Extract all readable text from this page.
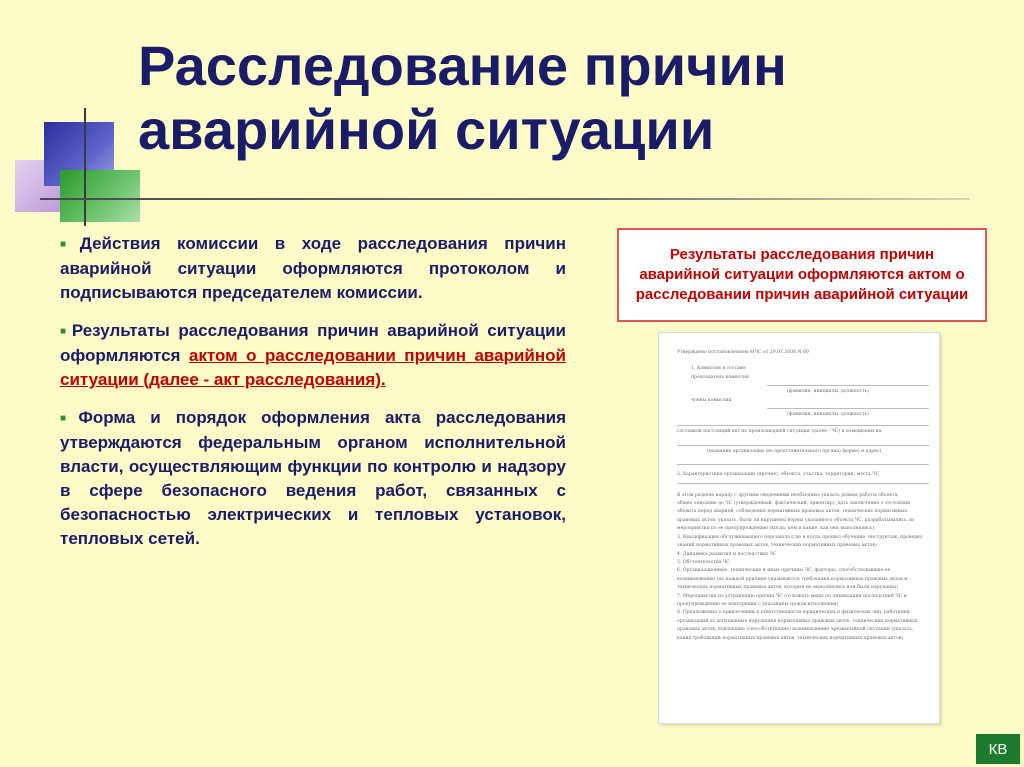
Расследование причин аварийной ситуации

■ Действия комиссии в ходе расследования причин аварийной ситуации оформляются протоколом и подписываются председателем комиссии.

■ Результаты расследования причин аварийной ситуации оформляются актом о расследовании причин аварийной ситуации (далее - акт расследования).

■ Форма и порядок оформления акта расследования утверждаются федеральным органом исполнительной власти, осуществляющим функции по контролю и надзору в сфере безопасного ведения работ, связанных с безопасностью электрических и тепловых установок, тепловых сетей.

Результаты расследования причин аварийной ситуации оформляются актом о расследовании причин аварийной ситуации
Утверждено постановлением МЧС от 29.07.2008 N 80
1. Комиссия в составе:
председатель комиссии
(фамилия, инициалы, должность)
члены комиссии
(фамилия, инициалы, должность)
составили настоящий акт по произошедшей ситуации (далее - ЧС) в помещении на
(название организации (ее представительного органа) форма) и адрес)
2. Характеристика организации (прочие), объекта, участка, территории, места ЧС
В этом разделе наряду с другими сведениями необходимо указать режим работы объекта,
общее описание до ЧС (утвержденный, фактический, ориентир), дать заключение о состоянии
объекта перед аварией, соблюдения нормативных правовых актов, технических нормативных
правовых актов; указать, были ли нарушены нормы указанного объекта ЧС, разрабатывались ли
мероприятия по ее предупреждению (когда, кем и какие, как они выполнялись).
3. Квалификация обслуживающего персонала (где и когда прошел обучение, инструктаж, проверку
знаний нормативных правовых актов, технических нормативных правовых актов)
4. Динамика развития и последствия ЧС
5. Обстоятельства ЧС
6. Организационные, технические и иные причины ЧС, факторы, способствовавшие ее
возникновению (по каждой причине указываются требования нормативных правовых актов и
технических нормативных правовых актов, которые не выполнялись или были нарушены)
7. Мероприятия по устранению причин ЧС (отложить меры по ликвидации последствий ЧС и
предупреждению ее повторения с указанием сроков исполнения)
8. Предложения о привлечении к ответственности юридических и физических лиц, работники
организаций за допущенные нарушения нормативных правовых актов, технических нормативных
правовых актов, повлекшие (способствующие) возникновение чрезвычайной ситуации (указать,
каких требований нормативных правовых актов, технических нормативных правовых актов)
КВ
